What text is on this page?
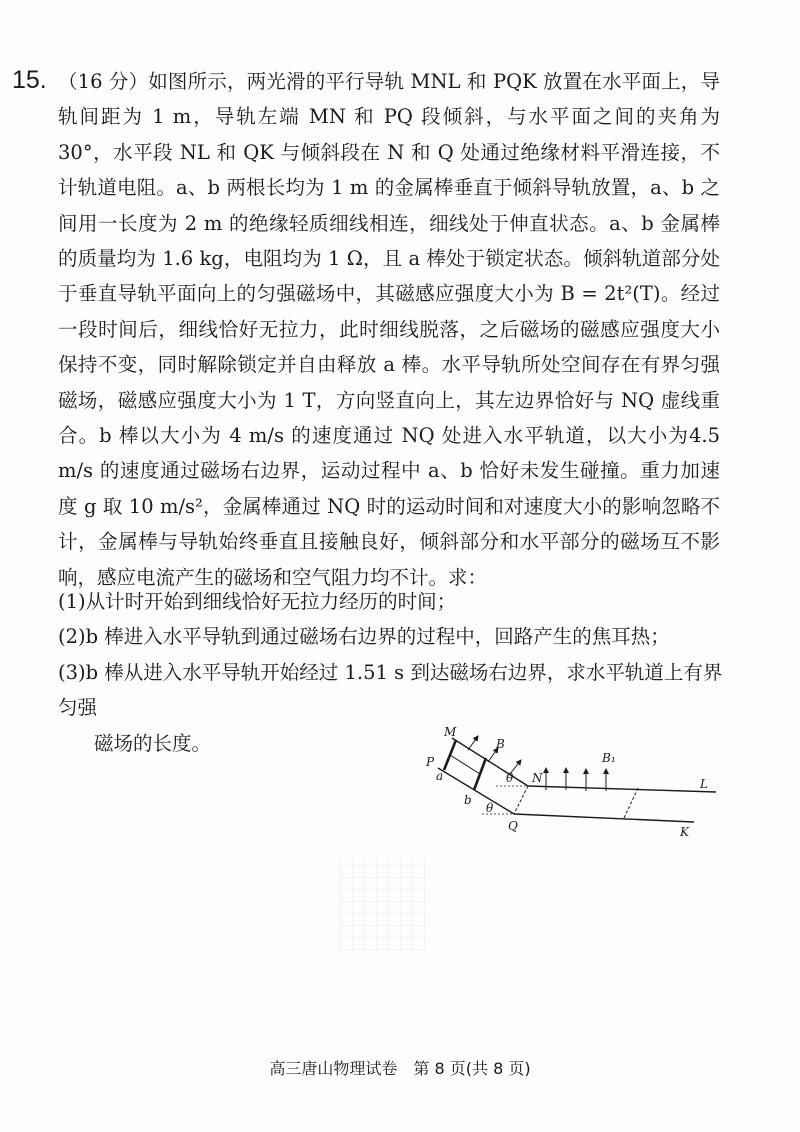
15. （16 分）如图所示，两光滑的平行导轨 MNL 和 PQK 放置在水平面上，导轨间距为 1 m，导轨左端 MN 和 PQ 段倾斜，与水平面之间的夹角为 30°，水平段 NL 和 QK 与倾斜段在 N 和 Q 处通过绝缘材料平滑连接，不计轨道电阻。a、b 两根长均为 1 m 的金属棒垂直于倾斜导轨放置，a、b 之间用一长度为 2 m 的绝缘轻质细线相连，细线处于伸直状态。a、b 金属棒的质量均为 1.6 kg，电阻均为 1 Ω，且 a 棒处于锁定状态。倾斜轨道部分处于垂直导轨平面向上的匀强磁场中，其磁感应强度大小为 B = 2t²(T)。经过一段时间后，细线恰好无拉力，此时细线脱落，之后磁场的磁感应强度大小保持不变，同时解除锁定并自由释放 a 棒。水平导轨所处空间存在有界匀强磁场，磁感应强度大小为 1 T，方向竖直向上，其左边界恰好与 NQ 虚线重合。b 棒以大小为 4 m/s 的速度通过 NQ 处进入水平轨道，以大小为4.5 m/s 的速度通过磁场右边界，运动过程中 a、b 恰好未发生碰撞。重力加速度 g 取 10 m/s²，金属棒通过 NQ 时的运动时间和对速度大小的影响忽略不计，金属棒与导轨始终垂直且接触良好，倾斜部分和水平部分的磁场互不影响，感应电流产生的磁场和空气阻力均不计。求：

(1)从计时开始到细线恰好无拉力经历的时间；

(2)b 棒进入水平导轨到通过磁场右边界的过程中，回路产生的焦耳热；

(3)b 棒从进入水平导轨开始经过 1.51 s 到达磁场右边界，求水平轨道上有界匀强

磁场的长度。	M
P
a
b
B
θ
θ
N
Q
B₁
L
K
高三唐山物理试卷　第 8 页(共 8 页)
